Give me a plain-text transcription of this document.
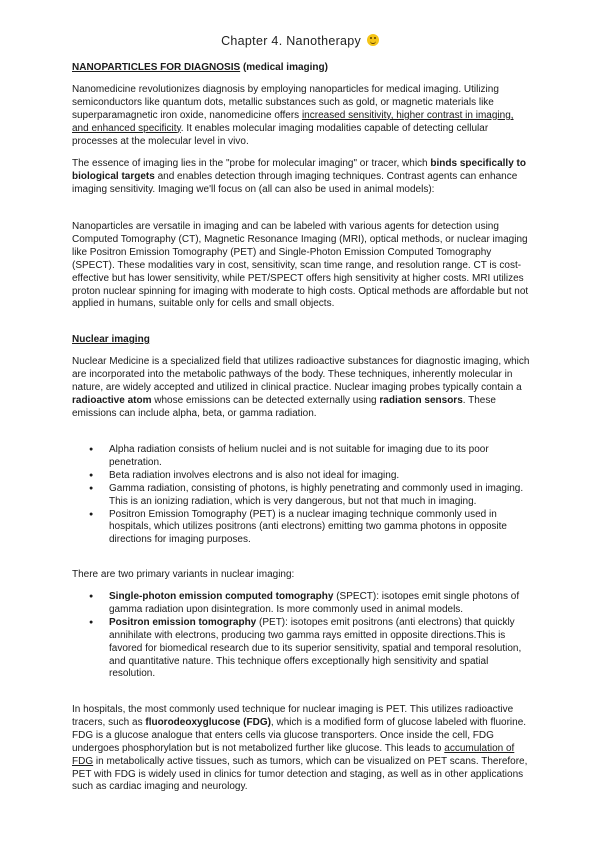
Chapter 4. Nanotherapy
NANOPARTICLES FOR DIAGNOSIS (medical imaging)

Nanomedicine revolutionizes diagnosis by employing nanoparticles for medical imaging. Utilizing semiconductors like quantum dots, metallic substances such as gold, or magnetic materials like superparamagnetic iron oxide, nanomedicine offers increased sensitivity, higher contrast in imaging, and enhanced specificity. It enables molecular imaging modalities capable of detecting cellular processes at the molecular level in vivo.

The essence of imaging lies in the "probe for molecular imaging" or tracer, which binds specifically to biological targets and enables detection through imaging techniques. Contrast agents can enhance imaging sensitivity. Imaging we'll focus on (all can also be used in animal models):

Nanoparticles are versatile in imaging and can be labeled with various agents for detection using Computed Tomography (CT), Magnetic Resonance Imaging (MRI), optical methods, or nuclear imaging like Positron Emission Tomography (PET) and Single-Photon Emission Computed Tomography (SPECT). These modalities vary in cost, sensitivity, scan time range, and resolution range. CT is cost-effective but has lower sensitivity, while PET/SPECT offers high sensitivity at higher costs. MRI utilizes proton nuclear spinning for imaging with moderate to high costs. Optical methods are affordable but not applied in humans, suitable only for cells and small objects.

Nuclear imaging

Nuclear Medicine is a specialized field that utilizes radioactive substances for diagnostic imaging, which are incorporated into the metabolic pathways of the body. These techniques, inherently molecular in nature, are widely accepted and utilized in clinical practice. Nuclear imaging probes typically contain a radioactive atom whose emissions can be detected externally using radiation sensors. These emissions can include alpha, beta, or gamma radiation.

● Alpha radiation consists of helium nuclei and is not suitable for imaging due to its poor penetration.
● Beta radiation involves electrons and is also not ideal for imaging.
● Gamma radiation, consisting of photons, is highly penetrating and commonly used in imaging. This is an ionizing radiation, which is very dangerous, but not that much in imaging.
● Positron Emission Tomography (PET) is a nuclear imaging technique commonly used in hospitals, which utilizes positrons (anti electrons) emitting two gamma photons in opposite directions for imaging purposes.

There are two primary variants in nuclear imaging:

● Single-photon emission computed tomography (SPECT): isotopes emit single photons of gamma radiation upon disintegration. Is more commonly used in animal models.
● Positron emission tomography (PET): isotopes emit positrons (anti electrons) that quickly annihilate with electrons, producing two gamma rays emitted in opposite directions.This is favored for biomedical research due to its superior sensitivity, spatial and temporal resolution, and quantitative nature. This technique offers exceptionally high sensitivity and spatial resolution.

In hospitals, the most commonly used technique for nuclear imaging is PET. This utilizes radioactive tracers, such as fluorodeoxyglucose (FDG), which is a modified form of glucose labeled with fluorine. FDG is a glucose analogue that enters cells via glucose transporters. Once inside the cell, FDG undergoes phosphorylation but is not metabolized further like glucose. This leads to accumulation of FDG in metabolically active tissues, such as tumors, which can be visualized on PET scans. Therefore, PET with FDG is widely used in clinics for tumor detection and staging, as well as in other applications such as cardiac imaging and neurology.
